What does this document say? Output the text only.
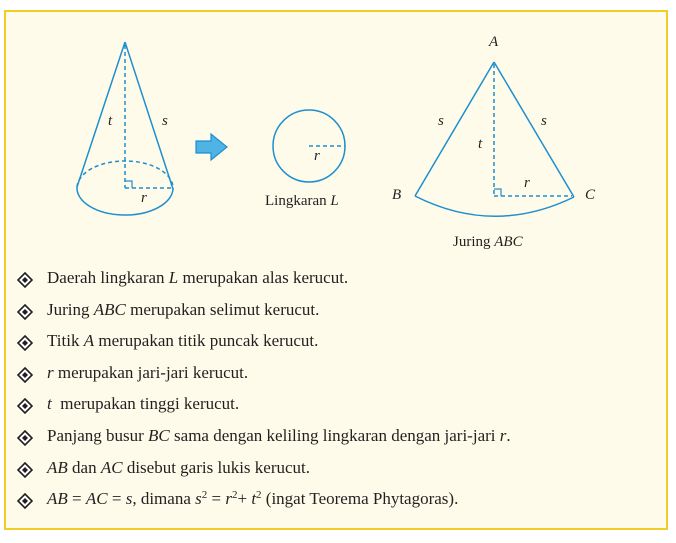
t	s
r
r
Lingkaran L
A
B	C
s	s
t
r
Juring ABC
Daerah lingkaran L merupakan alas kerucut.
Juring ABC merupakan selimut kerucut.
Titik A merupakan titik puncak kerucut.
r merupakan jari-jari kerucut.
t  merupakan tinggi kerucut.
Panjang busur BC sama dengan keliling lingkaran dengan jari-jari r.
AB dan AC disebut garis lukis kerucut.
AB = AC = s, dimana $s^2 = r^2+ t^2$ (ingat Teorema Phytagoras).
